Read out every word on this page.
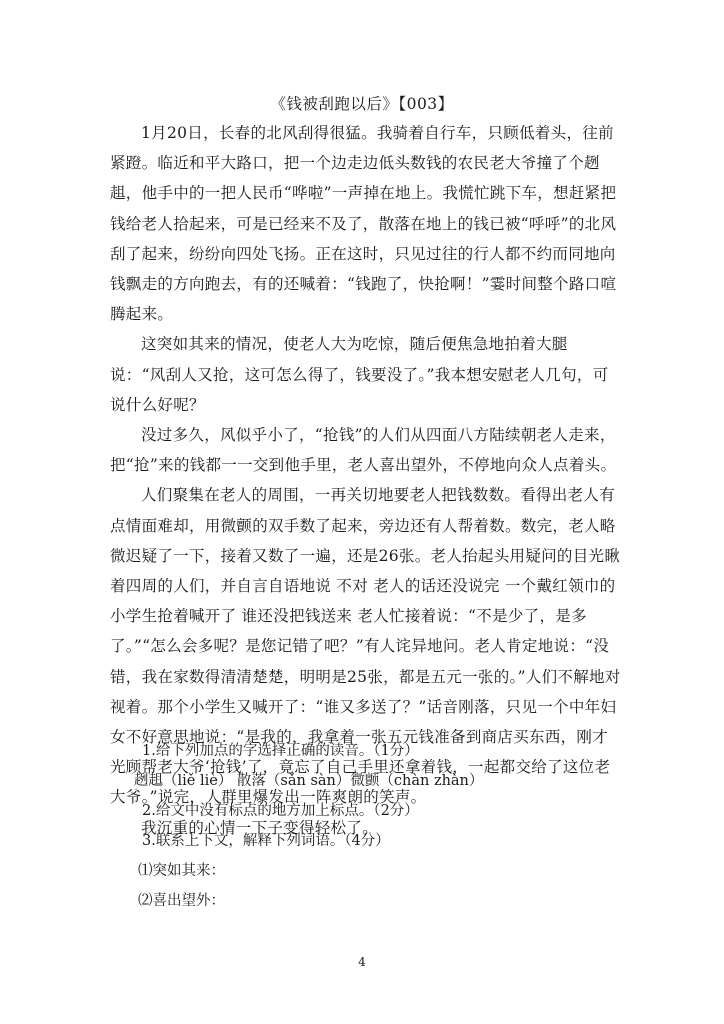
《钱被刮跑以后》【003】

1月20日，长春的北风刮得很猛。我骑着自行车，只顾低着头，往前紧蹬。临近和平大路口，把一个边走边低头数钱的农民老大爷撞了个趔趄，他手中的一把人民币“哗啦”一声掉在地上。我慌忙跳下车，想赶紧把钱给老人拾起来，可是已经来不及了，散落在地上的钱已被“呼呼”的北风刮了起来，纷纷向四处飞扬。正在这时，只见过往的行人都不约而同地向钱飘走的方向跑去，有的还喊着：“钱跑了，快抢啊！”霎时间整个路口喧腾起来。

这突如其来的情况，使老人大为吃惊，随后便焦急地拍着大腿说：“风刮人又抢，这可怎么得了，钱要没了。”我本想安慰老人几句，可说什么好呢？

没过多久，风似乎小了，“抢钱”的人们从四面八方陆续朝老人走来，把“抢”来的钱都一一交到他手里，老人喜出望外，不停地向众人点着头。

人们聚集在老人的周围，一再关切地要老人把钱数数。看得出老人有点情面难却，用微颤的双手数了起来，旁边还有人帮着数。数完，老人略微迟疑了一下，接着又数了一遍，还是26张。老人抬起头用疑问的目光瞅着四周的人们，并自言自语地说 不对 老人的话还没说完 一个戴红领巾的小学生抢着喊开了 谁还没把钱送来 老人忙接着说：“不是少了，是多了。”“怎么会多呢？是您记错了吧？”有人诧异地问。老人肯定地说：“没错，我在家数得清清楚楚，明明是25张，都是五元一张的。”人们不解地对视着。那个小学生又喊开了：“谁又多送了？”话音刚落，只见一个中年妇女不好意思地说：“是我的，我拿着一张五元钱准备到商店买东西，刚才光顾帮老大爷‘抢钱’了，竟忘了自己手里还拿着钱，一起都交给了这位老大爷。”说完，人群里爆发出一阵爽朗的笑声。

我沉重的心情一下子变得轻松了。

1.给下列加点的字选择正确的读音。（1分）

趔趄（liě liè） 散落（sǎn sàn）微颤（chàn zhàn）

2.给文中没有标点的地方加上标点。（2分）

3.联系上下文，解释下列词语。（4分）

⑴突如其来：

⑵喜出望外：

4
